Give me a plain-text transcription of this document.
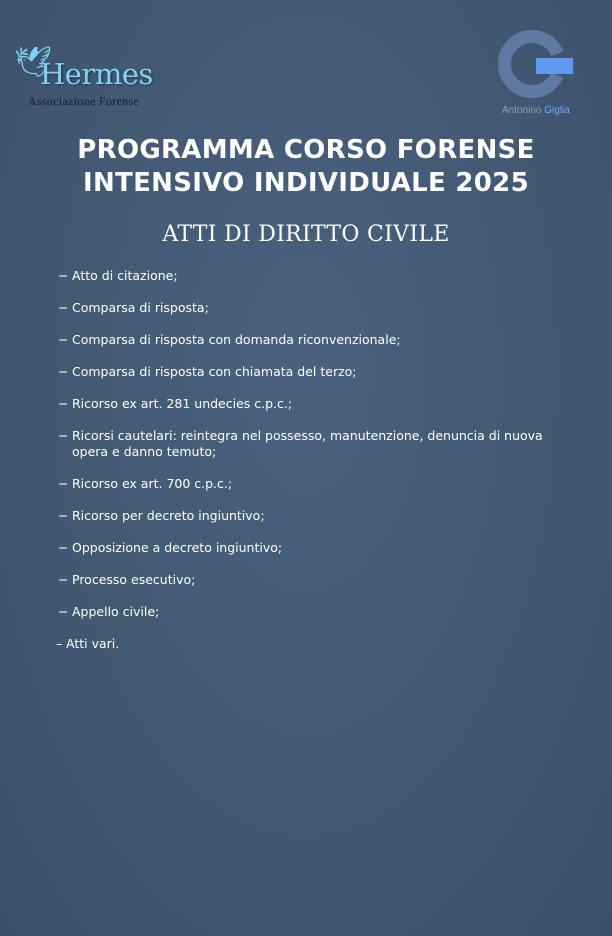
🕊
Hermes
Associazione Forense
Antonino Giglia
PROGRAMMA CORSO FORENSE
INTENSIVO INDIVIDUALE 2025
ATTI DI DIRITTO CIVILE
− Atto di citazione;
− Comparsa di risposta;
− Comparsa di risposta con domanda riconvenzionale;
− Comparsa di risposta con chiamata del terzo;
− Ricorso ex art. 281 undecies c.p.c.;
− Ricorsi cautelari: reintegra nel possesso, manutenzione, denuncia di nuova opera e danno temuto;
− Ricorso ex art. 700 c.p.c.;
− Ricorso per decreto ingiuntivo;
− Opposizione a decreto ingiuntivo;
− Processo esecutivo;
− Appello civile;
– Atti vari.
